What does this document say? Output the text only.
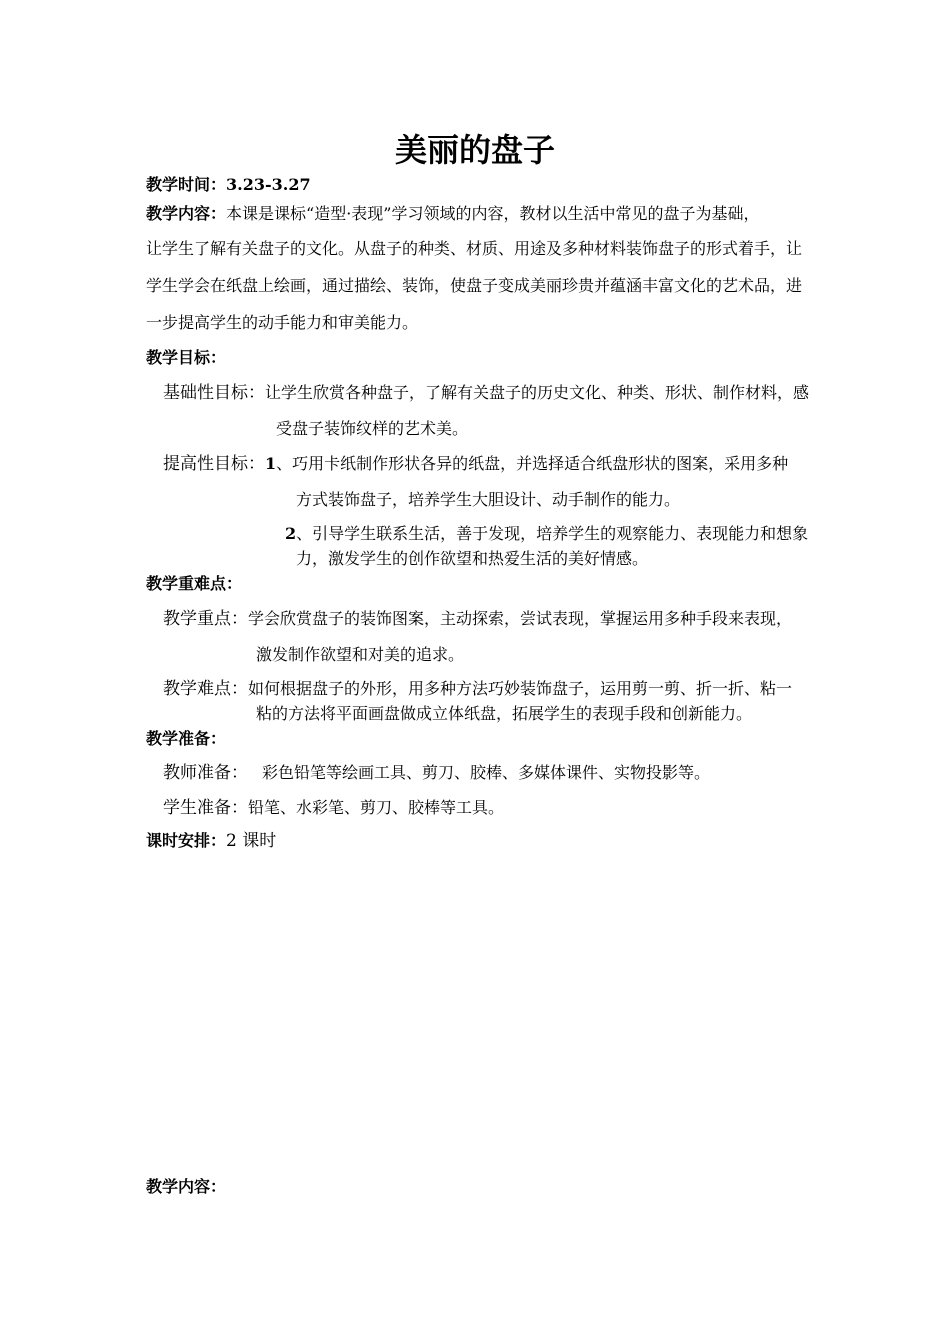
美丽的盘子
教学时间：3.23-3.27
教学内容：本课是课标“造型·表现”学习领域的内容，教材以生活中常见的盘子为基础，
让学生了解有关盘子的文化。从盘子的种类、材质、用途及多种材料装饰盘子的形式着手，让
学生学会在纸盘上绘画，通过描绘、装饰，使盘子变成美丽珍贵并蕴涵丰富文化的艺术品，进
一步提高学生的动手能力和审美能力。
教学目标：
基础性目标：让学生欣赏各种盘子，了解有关盘子的历史文化、种类、形状、制作材料，感
受盘子装饰纹样的艺术美。
提高性目标：1、巧用卡纸制作形状各异的纸盘，并选择适合纸盘形状的图案，采用多种
方式装饰盘子，培养学生大胆设计、动手制作的能力。
2、引导学生联系生活，善于发现，培养学生的观察能力、表现能力和想象
力，激发学生的创作欲望和热爱生活的美好情感。
教学重难点：
教学重点：学会欣赏盘子的装饰图案，主动探索，尝试表现，掌握运用多种手段来表现，
激发制作欲望和对美的追求。
教学难点：如何根据盘子的外形，用多种方法巧妙装饰盘子，运用剪一剪、折一折、粘一
粘的方法将平面画盘做成立体纸盘，拓展学生的表现手段和创新能力。
教学准备：
教师准备： 彩色铅笔等绘画工具、剪刀、胶棒、多媒体课件、实物投影等。
学生准备：铅笔、水彩笔、剪刀、胶棒等工具。
课时安排：2 课时
教学内容：
